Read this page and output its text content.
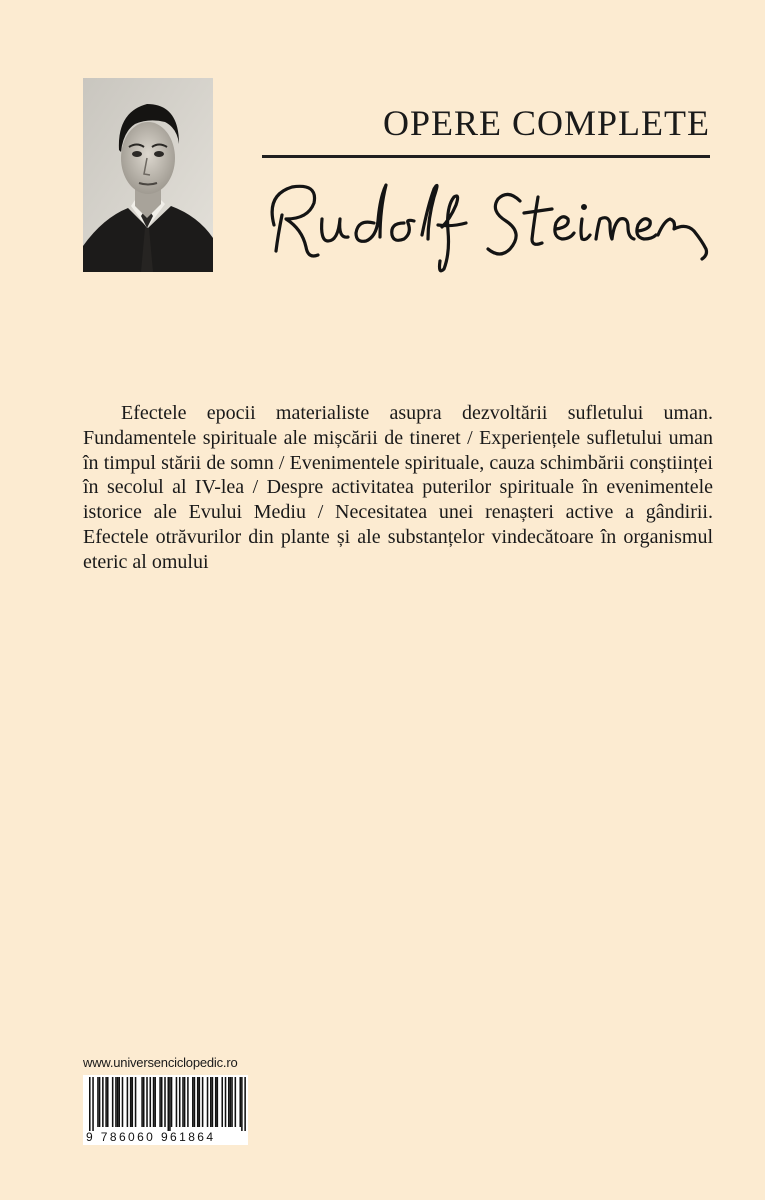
OPERE COMPLETE

Efectele epocii materialiste asupra dezvoltării sufletului uman. Fundamentele spirituale ale mișcării de tineret / Experiențele sufletului uman în timpul stării de somn / Evenimentele spirituale, cauza schimbării conștiinței în secolul al IV-lea / Despre activitatea puterilor spirituale în evenimentele istorice ale Evului Mediu / Necesitatea unei renașteri active a gândirii. Efectele otrăvurilor din plante și ale substanțelor vindecătoare în organismul eteric al omului

www.universenciclopedic.ro
9 786060 961864
